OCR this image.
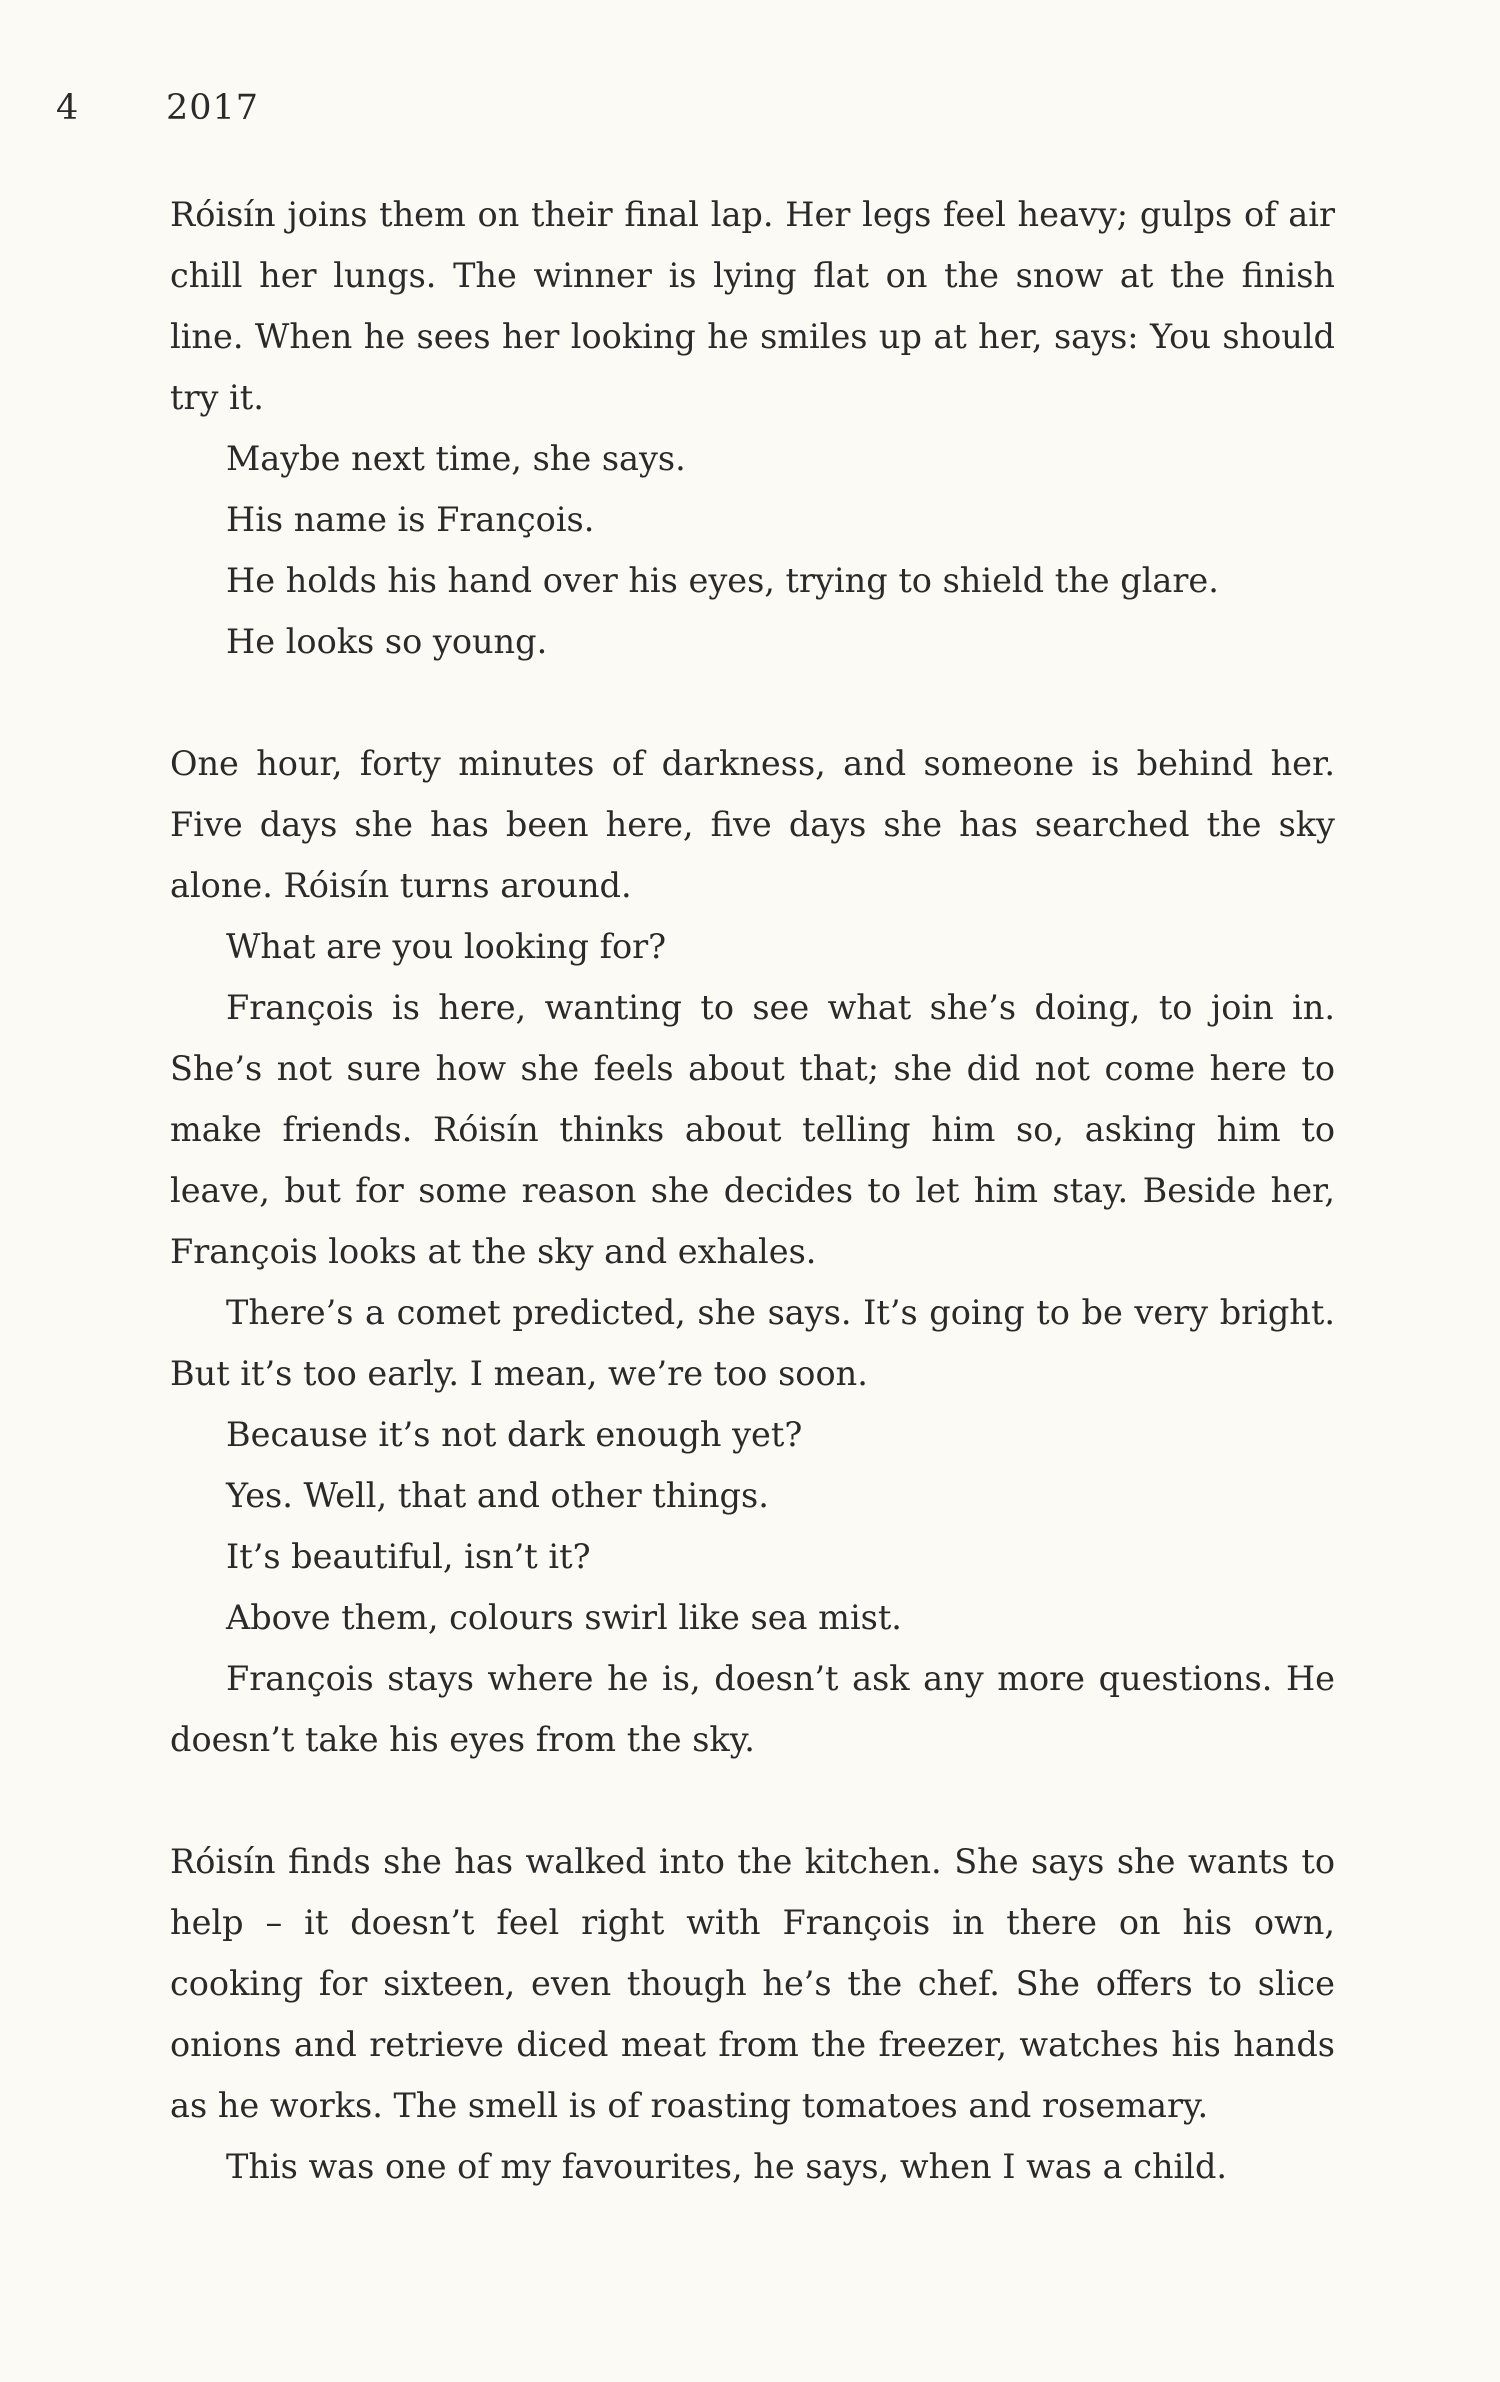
4 2017

Róisín joins them on their final lap. Her legs feel heavy; gulps of air chill her lungs. The winner is lying flat on the snow at the finish line. When he sees her looking he smiles up at her, says: You should try it.

Maybe next time, she says.

His name is François.

He holds his hand over his eyes, trying to shield the glare.

He looks so young.

One hour, forty minutes of darkness, and someone is behind her. Five days she has been here, five days she has searched the sky alone. Róisín turns around.

What are you looking for?

François is here, wanting to see what she’s doing, to join in. She’s not sure how she feels about that; she did not come here to make friends. Róisín thinks about telling him so, asking him to leave, but for some reason she decides to let him stay. Beside her, François looks at the sky and exhales.

There’s a comet predicted, she says. It’s going to be very bright. But it’s too early. I mean, we’re too soon.

Because it’s not dark enough yet?

Yes. Well, that and other things.

It’s beautiful, isn’t it?

Above them, colours swirl like sea mist.

François stays where he is, doesn’t ask any more questions. He doesn’t take his eyes from the sky.

Róisín finds she has walked into the kitchen. She says she wants to help – it doesn’t feel right with François in there on his own, cooking for sixteen, even though he’s the chef. She offers to slice onions and retrieve diced meat from the freezer, watches his hands as he works. The smell is of roasting tomatoes and rosemary.

This was one of my favourites, he says, when I was a child.
